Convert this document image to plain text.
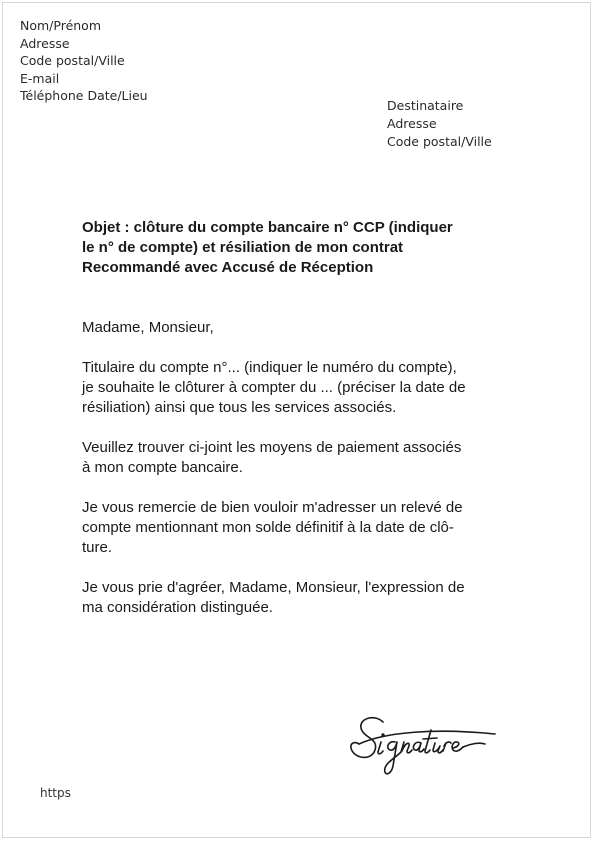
Nom/Prénom
Adresse
Code postal/Ville
E-mail
Téléphone Date/Lieu
Destinataire
Adresse
Code postal/Ville
Objet : clôture du compte bancaire n° CCP (indiquer
le n° de compte) et résiliation de mon contrat
Recommandé avec Accusé de Réception
Madame, Monsieur,
Titulaire du compte n°... (indiquer le numéro du compte),
je souhaite le clôturer à compter du ... (préciser la date de
résiliation) ainsi que tous les services associés.
Veuillez trouver ci-joint les moyens de paiement associés
à mon compte bancaire.
Je vous remercie de bien vouloir m'adresser un relevé de
compte mentionnant mon solde définitif à la date de clô-
ture.
Je vous prie d'agréer, Madame, Monsieur, l'expression de
ma considération distinguée.
https
